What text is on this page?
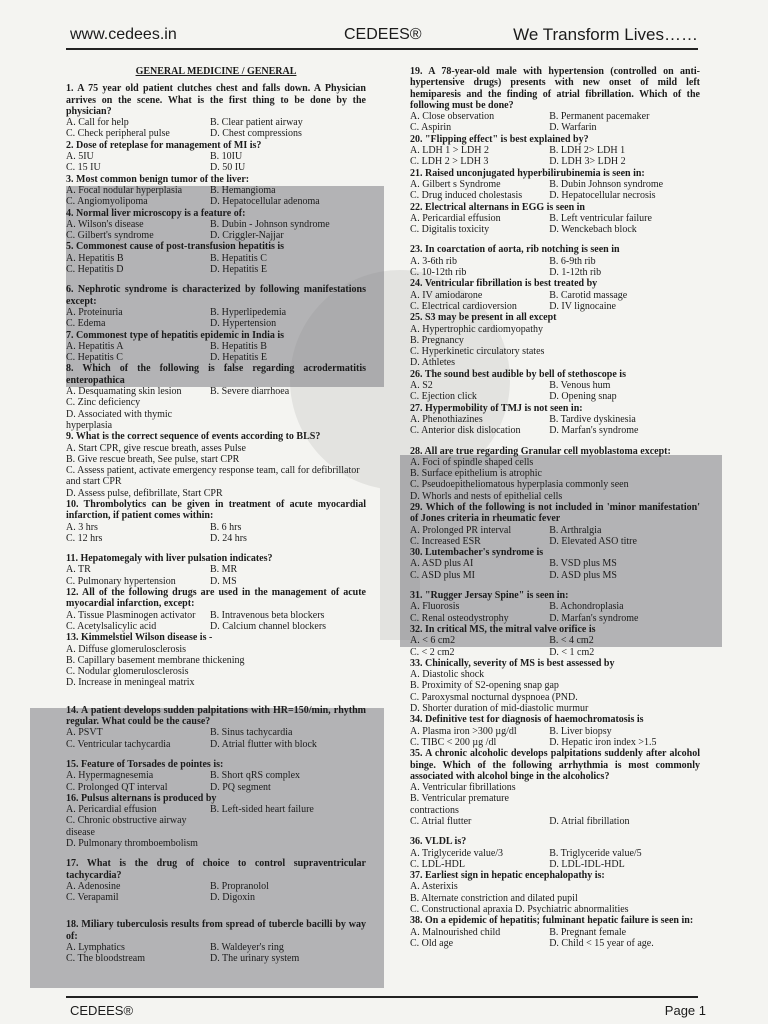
www.cedees.in	CEDEES®	We Transform Lives……
GENERAL MEDICINE / GENERAL
1. A 75 year old patient clutches chest and falls down. A Physician arrives on the scene. What is the first thing to be done by the physician?
A. Call for help	B. Clear patient airway
C. Check peripheral pulse	D. Chest compressions
2. Dose of reteplase for management of MI is?
A. 5IU	B. 10IU
C. 15 IU	D. 50 IU
3. Most common benign tumor of the liver:
A. Focal nodular hyperplasia	B. Hemangioma
C. Angiomyolipoma	D. Hepatocellular adenoma
4. Normal liver microscopy is a feature of:
A. Wilson's disease	B. Dubin - Johnson syndrome
C. Gilbert's syndrome	D. Criggler-Najjar
5. Commonest cause of post-transfusion hepatitis is
A. Hepatitis B	B. Hepatitis C
C. Hepatitis D	D. Hepatitis E
6. Nephrotic syndrome is characterized by following manifestations except:
A. Proteinuria	B. Hyperlipedemia
C. Edema	D. Hypertension
7. Commonest type of hepatitis epidemic in India is
A. Hepatitis A	B. Hepatitis B
C. Hepatitis C	D. Hepatitis E
8. Which of the following is false regarding acrodermatitis enteropathica
A. Desquamating skin lesion	B. Severe diarrhoea
C. Zinc deficiency

D. Associated with thymic hyperplasia

9. What is the correct sequence of events according to BLS?
A. Start CPR, give rescue breath, asses Pulse
B. Give rescue breath, See pulse, start CPR
C. Assess patient, activate emergency response team, call for defibrillator and start CPR
D. Assess pulse, defibrillate, Start CPR
10. Thrombolytics can be given in treatment of acute myocardial infarction, if patient comes within:
A. 3 hrs	B. 6 hrs
C. 12 hrs	D. 24 hrs
11. Hepatomegaly with liver pulsation indicates?
A. TR	B. MR
C. Pulmonary hypertension	D. MS
12. All of the following drugs are used in the management of acute myocardial infarction, except:
A. Tissue Plasminogen activator	B. Intravenous beta blockers
C. Acetylsalicylic acid	D. Calcium channel blockers
13. Kimmelstiel Wilson disease is -
A. Diffuse glomerulosclerosis
B. Capillary basement membrane thickening
C. Nodular glomerulosclerosis
D. Increase in meningeal matrix
14. A patient develops sudden palpitations with HR=150/min, rhythm regular. What could be the cause?
A. PSVT	B. Sinus tachycardia
C. Ventricular tachycardia	D. Atrial flutter with block
15. Feature of Torsades de pointes is:
A. Hypermagnesemia	B. Short qRS complex
C. Prolonged QT interval	D. PQ segment
16. Pulsus alternans is produced by
A. Pericardial effusion	B. Left-sided heart failure
C. Chronic obstructive airway disease

D. Pulmonary thromboembolism

17. What is the drug of choice to control supraventricular tachycardia?
A. Adenosine	B. Propranolol
C. Verapamil	D. Digoxin
18. Miliary tuberculosis results from spread of tubercle bacilli by way of:
A. Lymphatics	B. Waldeyer's ring
C. The bloodstream	D. The urinary system
19. A 78-year-old male with hypertension (controlled on anti-hypertensive drugs) presents with new onset of mild left hemiparesis and the finding of atrial fibrillation. Which of the following must be done?
A. Close observation	B. Permanent pacemaker
C. Aspirin	D. Warfarin
20. "Flipping effect" is best explained by?
A. LDH 1 > LDH 2	B. LDH 2> LDH 1
C. LDH 2 > LDH 3	D. LDH 3> LDH 2
21. Raised unconjugated hyperbilirubinemia is seen in:
A. Gilbert s Syndrome	B. Dubin Johnson syndrome
C. Drug induced cholestasis	D. Hepatocellular necrosis
22. Electrical alternans in EGG is seen in
A. Pericardial effusion	B. Left ventricular failure
C. Digitalis toxicity	D. Wenckebach block
23. In coarctation of aorta, rib notching is seen in
A. 3-6th rib	B. 6-9th rib
C. 10-12th rib	D. 1-12th rib
24. Ventricular fibrillation is best treated by
A. IV amiodarone	B. Carotid massage
C. Electrical cardioversion	D. IV lignocaine
25. S3 may be present in all except
A. Hypertrophic cardiomyopathy
B. Pregnancy
C. Hyperkinetic circulatory states
D. Athletes
26. The sound best audible by bell of stethoscope is
A. S2	B. Venous hum
C. Ejection click	D. Opening snap
27. Hypermobility of TMJ is not seen in:
A. Phenothiazines	B. Tardive dyskinesia
C. Anterior disk dislocation	D. Marfan's syndrome
28. All are true regarding Granular cell myoblastoma except:
A. Foci of spindle shaped cells
B. Surface epithelium is atrophic
C. Pseudoepitheliomatous hyperplasia commonly seen
D. Whorls and nests of epithelial cells
29. Which of the following is not included in 'minor manifestation' of Jones criteria in rheumatic fever
A. Prolonged PR interval	B. Arthralgia
C. Increased ESR	D. Elevated ASO titre
30. Lutembacher's syndrome is
A. ASD plus AI	B. VSD plus MS
C. ASD plus MI	D. ASD plus MS
31. "Rugger Jersay Spine" is seen in:
A. Fluorosis	B. Achondroplasia
C. Renal osteodystrophy	D. Marfan's syndrome
32. In critical MS, the mitral valve orifice is
A. < 6 cm2	B. < 4 cm2
C. < 2 cm2	D. < 1 cm2
33. Chinically, severity of MS is best assessed by
A. Diastolic shock
B. Proximity of S2-opening snap gap
C. Paroxysmal nocturnal dyspnoea (PND.
D. Shorter duration of mid-diastolic murmur
34. Definitive test for diagnosis of haemochromatosis is
A. Plasma iron >300 µg/dl	B. Liver biopsy
C. TIBC < 200 µg /dl	D. Hepatic iron index >1.5
35. A chronic alcoholic develops palpitations suddenly after alcohol binge. Which of the following arrhythmia is most commonly associated with alcohol binge in the alcoholics?
A. Ventricular fibrillations

B. Ventricular premature contractions

C. Atrial flutter	D. Atrial fibrillation
36. VLDL is?
A. Triglyceride value/3	B. Triglyceride value/5
C. LDL-HDL	D. LDL-IDL-HDL
37. Earliest sign in hepatic encephalopathy is:
A. Asterixis
B. Alternate constriction and dilated pupil
C. Constructional apraxia D. Psychiatric abnormalities
38. On a epidemic of hepatitis; fulminant hepatic failure is seen in:
A. Malnourished child	B. Pregnant female
C. Old age	D. Child < 15 year of age.
CEDEES®	Page 1
